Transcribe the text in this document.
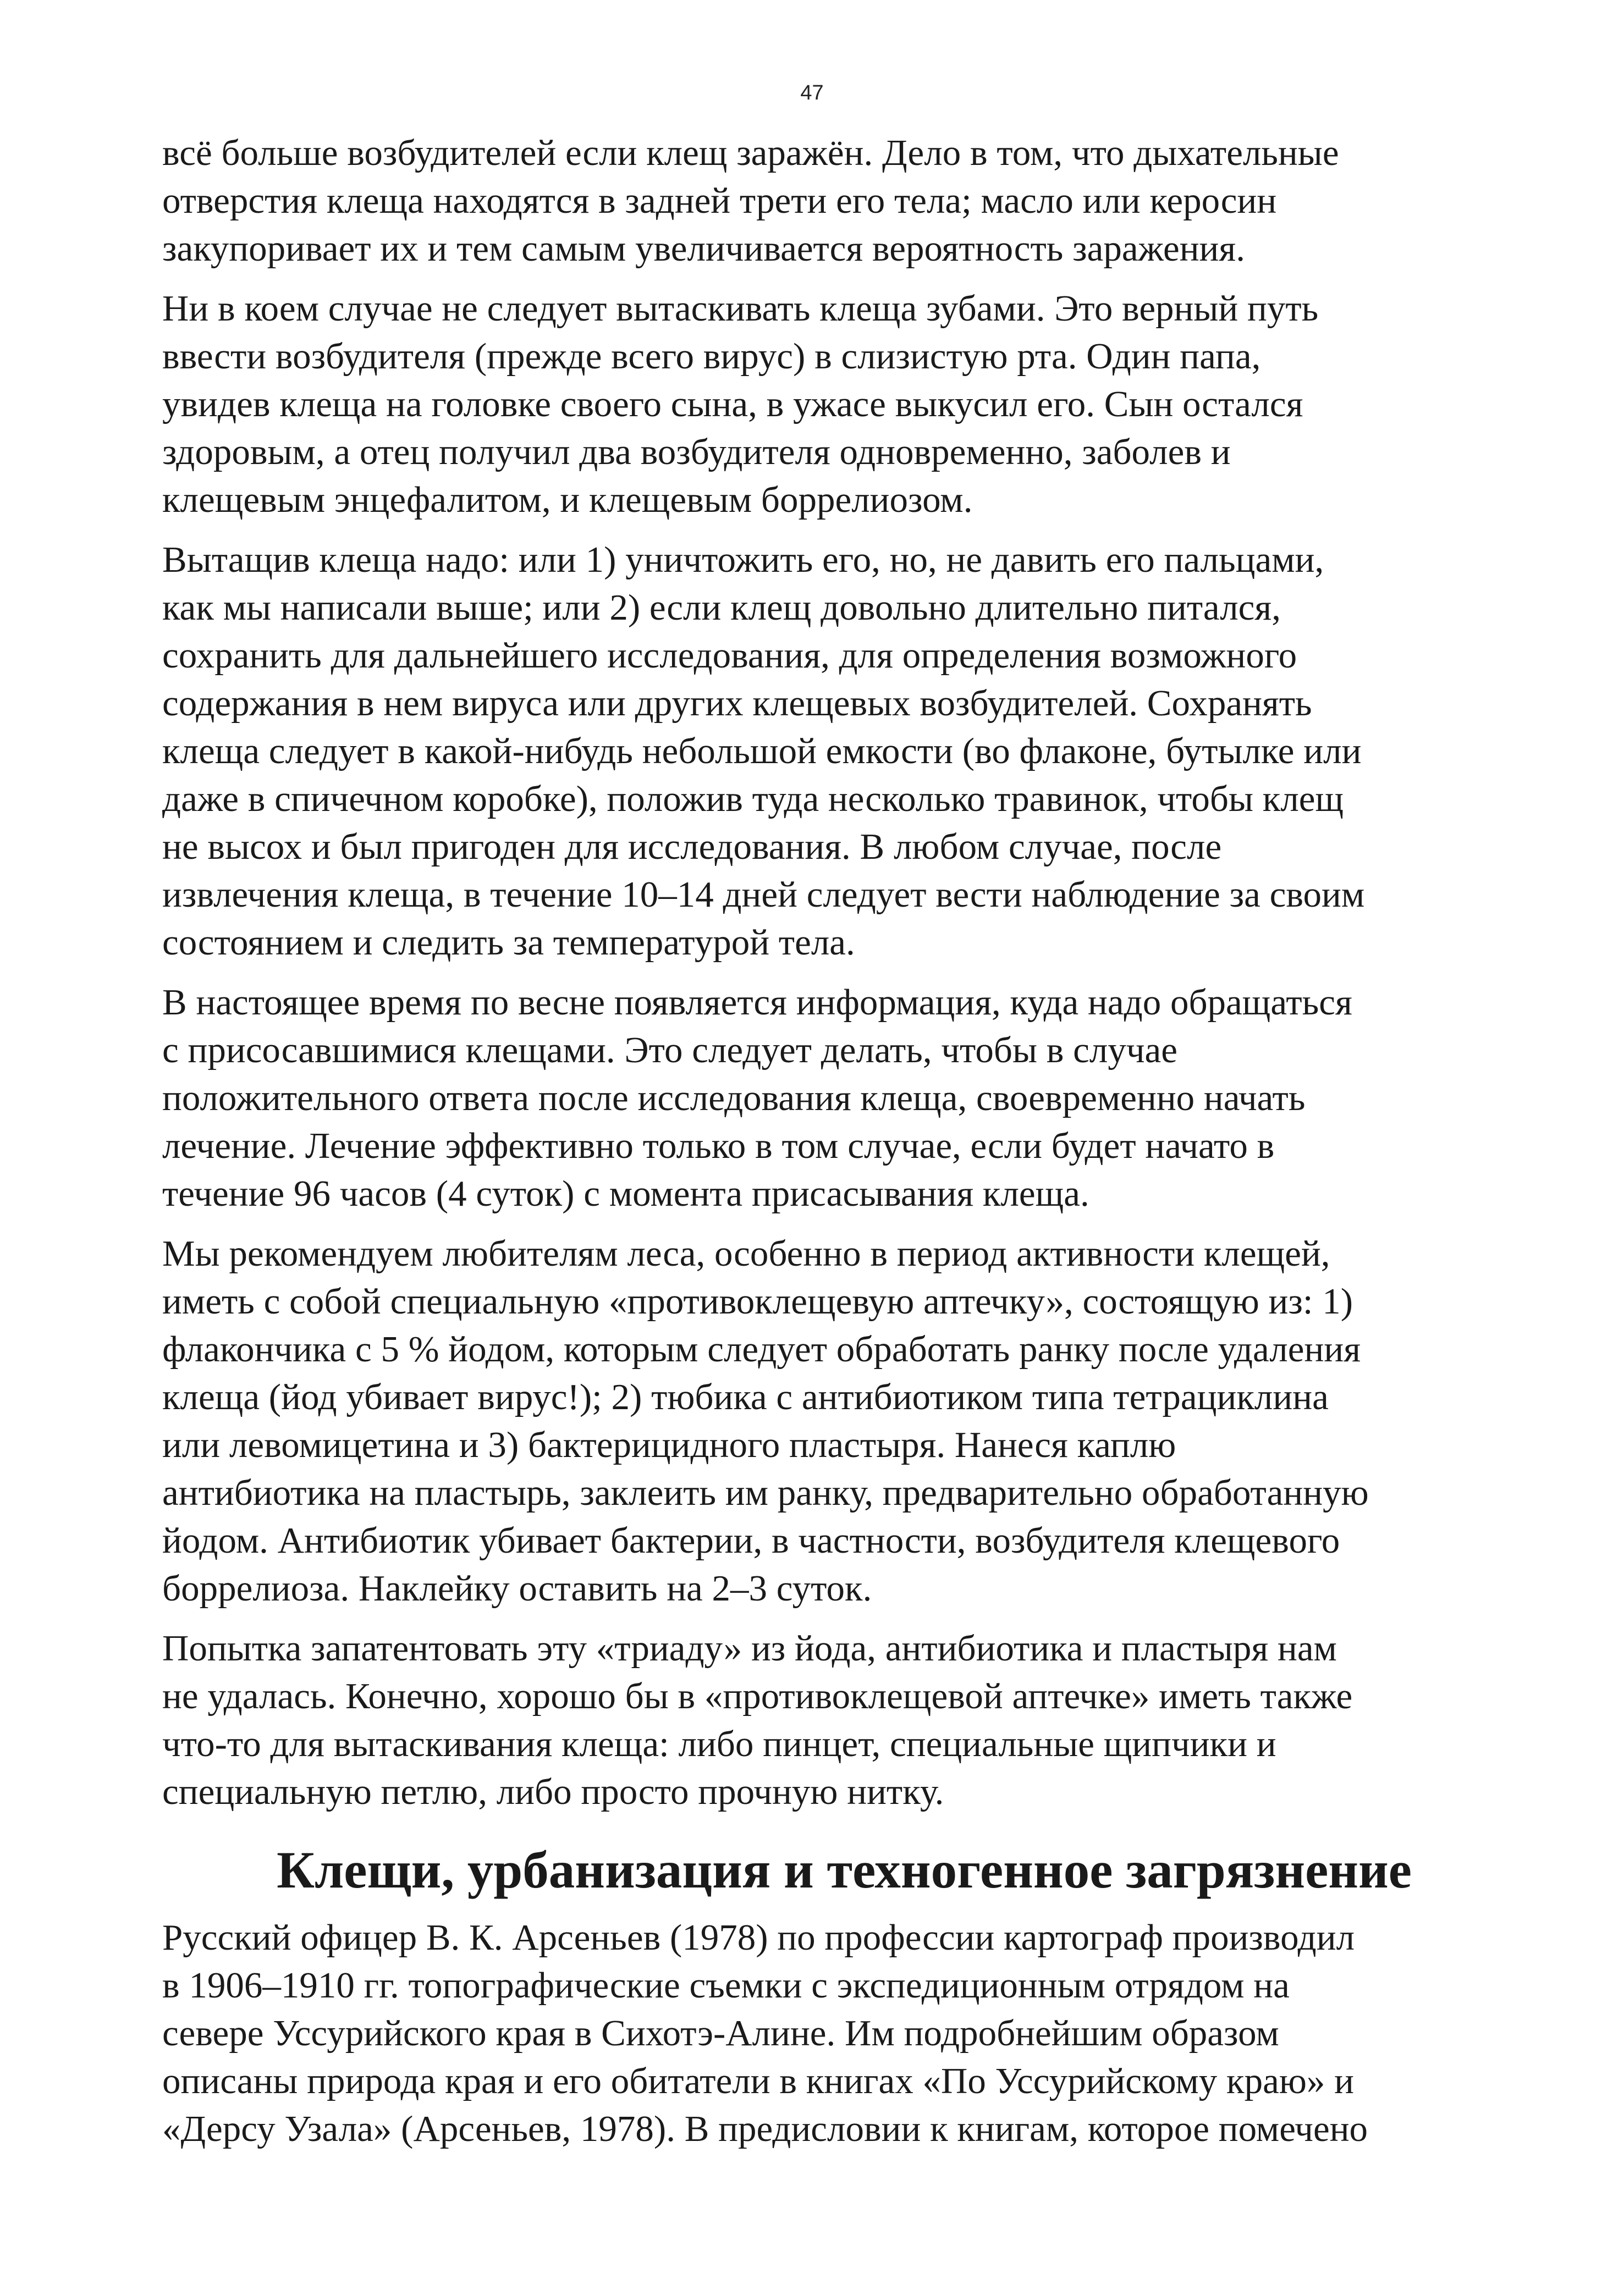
47

всё больше возбудителей если клещ заражён. Дело в том, что дыхательные
отверстия клеща находятся в задней трети его тела; масло или керосин
закупоривает их и тем самым увеличивается вероятность заражения.

Ни в коем случае не следует вытаскивать клеща зубами. Это верный путь
ввести возбудителя (прежде всего вирус) в слизистую рта. Один папа,
увидев клеща на головке своего сына, в ужасе выкусил его. Сын остался
здоровым, а отец получил два возбудителя одновременно, заболев и
клещевым энцефалитом, и клещевым боррелиозом.

Вытащив клеща надо: или 1) уничтожить его, но, не давить его пальцами,
как мы написали выше; или 2) если клещ довольно длительно питался,
сохранить для дальнейшего исследования, для определения возможного
содержания в нем вируса или других клещевых возбудителей. Сохранять
клеща следует в какой-нибудь небольшой емкости (во флаконе, бутылке или
даже в спичечном коробке), положив туда несколько травинок, чтобы клещ
не высох и был пригоден для исследования. В любом случае, после
извлечения клеща, в течение 10–14 дней следует вести наблюдение за своим
состоянием и следить за температурой тела.

В настоящее время по весне появляется информация, куда надо обращаться
с присосавшимися клещами. Это следует делать, чтобы в случае
положительного ответа после исследования клеща, своевременно начать
лечение. Лечение эффективно только в том случае, если будет начато в
течение 96 часов (4 суток) с момента присасывания клеща.

Мы рекомендуем любителям леса, особенно в период активности клещей,
иметь с собой специальную «противоклещевую аптечку», состоящую из: 1)
флакончика с 5 % йодом, которым следует обработать ранку после удаления
клеща (йод убивает вирус!); 2) тюбика с антибиотиком типа тетрациклина
или левомицетина и 3) бактерицидного пластыря. Нанеся каплю
антибиотика на пластырь, заклеить им ранку, предварительно обработанную
йодом. Антибиотик убивает бактерии, в частности, возбудителя клещевого
боррелиоза. Наклейку оставить на 2–3 суток.

Попытка запатентовать эту «триаду» из йода, антибиотика и пластыря нам
не удалась. Конечно, хорошо бы в «противоклещевой аптечке» иметь также
что-то для вытаскивания клеща: либо пинцет, специальные щипчики и
специальную петлю, либо просто прочную нитку.

Клещи, урбанизация и техногенное загрязнение

Русский офицер В. К. Арсеньев (1978) по профессии картограф производил
в 1906–1910 гг. топографические съемки с экспедиционным отрядом на
севере Уссурийского края в Сихотэ-Алине. Им подробнейшим образом
описаны природа края и его обитатели в книгах «По Уссурийскому краю» и
«Дерсу Узала» (Арсеньев, 1978). В предисловии к книгам, которое помечено
